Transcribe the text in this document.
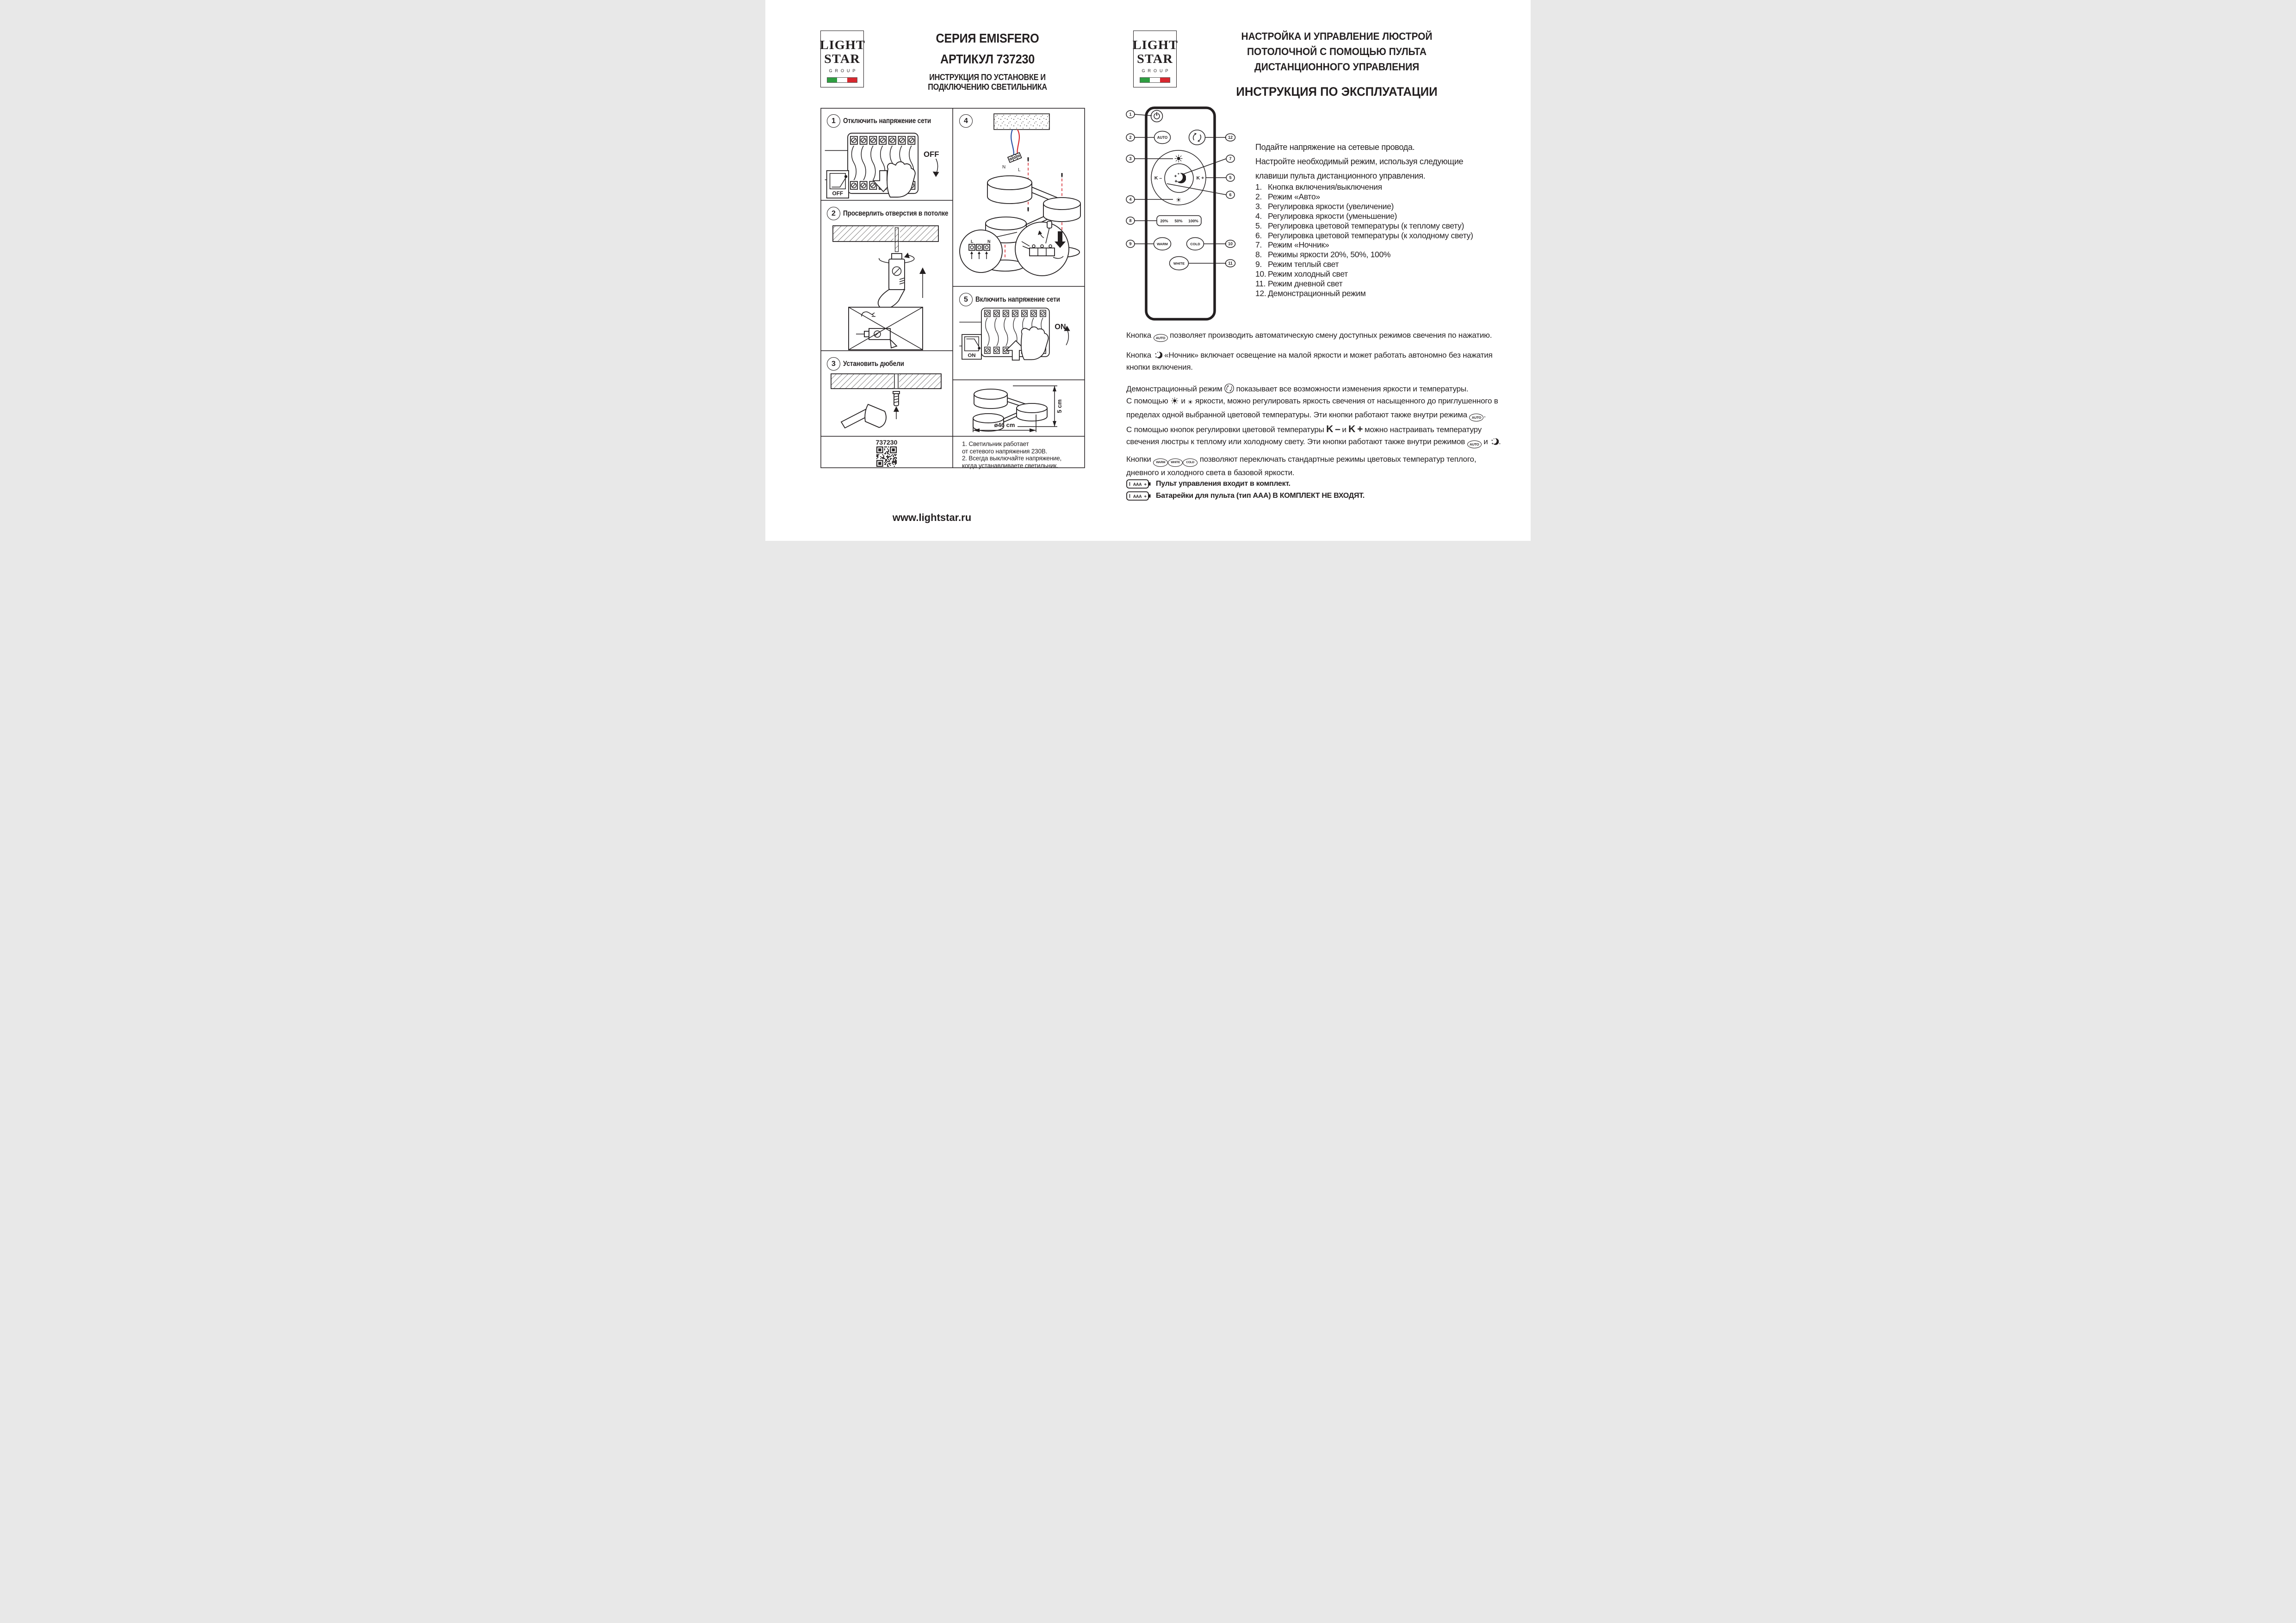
LIGHT
STAR
GROUP
СЕРИЯ EMISFERO
АРТИКУЛ 737230
ИНСТРУКЦИЯ ПО УСТАНОВКЕ И
ПОДКЛЮЧЕНИЮ СВЕТИЛЬНИКА
1	Отключить напряжение сети
OFF
OFF
2	Просверлить отверстия в потолке
3	Установить дюбели
737230
4
N
L
L	N
5	Включить напряжение сети
ON
ON
5 cm
ø46 cm
1. Светильник работает
от сетевого напряжения 230В.
2. Всегда выключайте напряжение,
когда устанавливаете светильник.
www.lightstar.ru
LIGHT
STAR
GROUP
НАСТРОЙКА И УПРАВЛЕНИЕ ЛЮСТРОЙ
ПОТОЛОЧНОЙ С ПОМОЩЬЮ ПУЛЬТА
ДИСТАНЦИОННОГО УПРАВЛЕНИЯ
ИНСТРУКЦИЯ ПО ЭКСПЛУАТАЦИИ
AUTO
☀
☀
K –	K +
20% 50% 100%
WARM	COLD
WHITE
1
2
3
4
8
9
12
7
5
6
10
11
Подайте напряжение на сетевые провода.
Настройте необходимый режим, используя следующие
клавиши пульта дистанционного управления.
1. Кнопка включения/выключения
2. Режим «Авто»
3. Регулировка яркости (увеличение)
4. Регулировка яркости (уменьшение)
5. Регулировка цветовой температуры (к теплому свету)
6. Регулировка цветовой температуры (к холодному свету)
7. Режим «Ночник»
8. Режимы яркости 20%, 50%, 100%
9. Режим теплый свет
10. Режим холодный свет
11. Режим дневной свет
12. Демонстрационный режим
Кнопка AUTO позволяет производить автоматическую смену доступных режимов свечения по нажатию.
Кнопка «Ночник» включает освещение на малой яркости и может работать автономно без нажатия кнопки включения.
Демонстрационный режим показывает все возможности изменения яркости и температуры.
С помощью ☀ и ☀ яркости, можно регулировать яркость свечения от насыщенного до приглушенного в пределах одной выбранной цветовой температуры. Эти кнопки работают также внутри режима AUTO .
С помощью кнопок регулировки цветовой температуры K – и K + можно настраивать температуру свечения люстры к теплому или холодному свету. Эти кнопки работают также внутри режимов AUTO и .
Кнопки WARM WHITE COLD позволяют переключать стандартные режимы цветовых температур теплого, дневного и холодного света в базовой яркости.
Пульт управления входит в комплект.
Батарейки для пульта (тип AAA) В КОМПЛЕКТ НЕ ВХОДЯТ.
